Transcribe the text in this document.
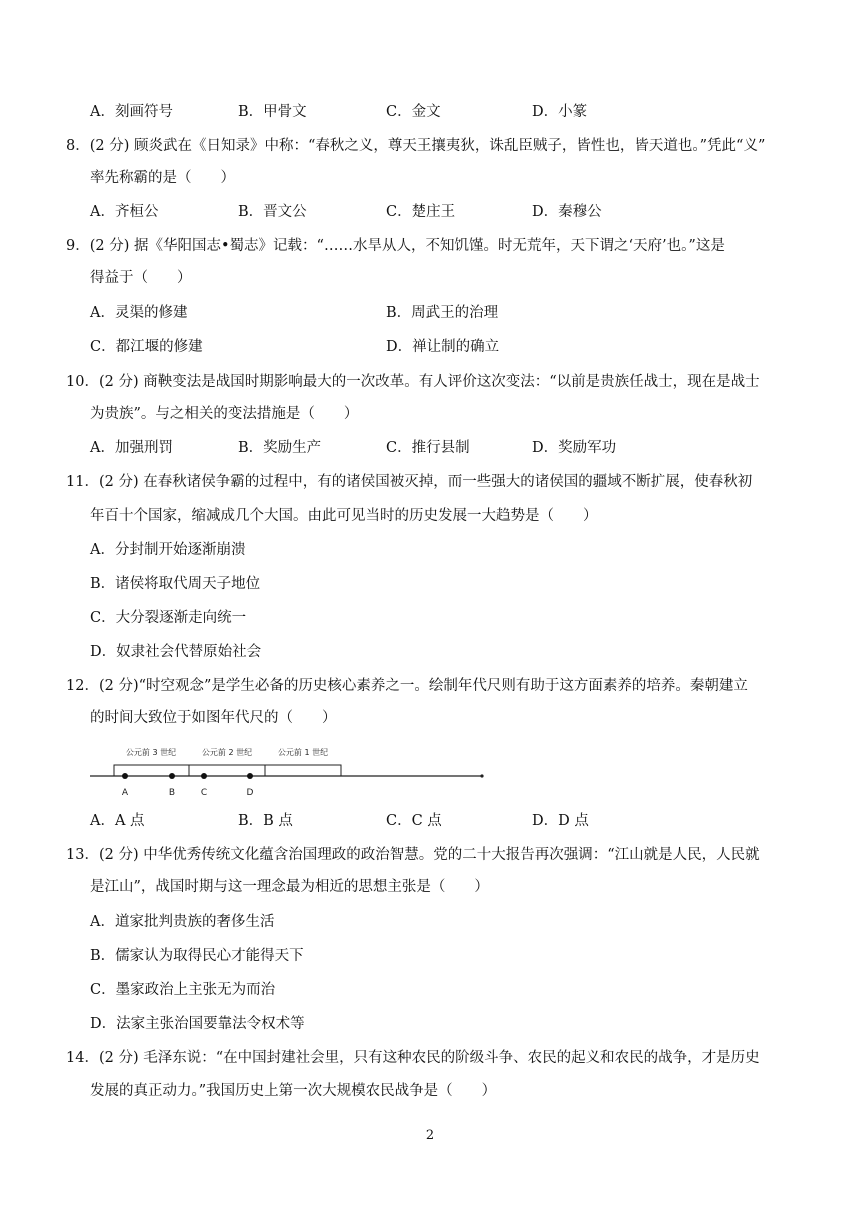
A．刻画符号	B．甲骨文	C．金文	D．小篆
8．(2 分) 顾炎武在《日知录》中称：“春秋之义，尊天王攘夷狄，诛乱臣贼子，皆性也，皆天道也。”凭此“义”
率先称霸的是（　　）
A．齐桓公	B．晋文公	C．楚庄王	D．秦穆公
9．(2 分) 据《华阳国志•蜀志》记载：“……水旱从人，不知饥馑。时无荒年，天下谓之‘天府’也。”这是
得益于（　　）
A．灵渠的修建	B．周武王的治理
C．都江堰的修建	D．禅让制的确立
10．(2 分) 商鞅变法是战国时期影响最大的一次改革。有人评价这次变法：“以前是贵族任战士，现在是战士
为贵族”。与之相关的变法措施是（　　）
A．加强刑罚	B．奖励生产	C．推行县制	D．奖励军功
11．(2 分) 在春秋诸侯争霸的过程中，有的诸侯国被灭掉，而一些强大的诸侯国的疆域不断扩展，使春秋初
年百十个国家，缩减成几个大国。由此可见当时的历史发展一大趋势是（　　）
A．分封制开始逐渐崩溃
B．诸侯将取代周天子地位
C．大分裂逐渐走向统一
D．奴隶社会代替原始社会
12．(2 分)“时空观念”是学生必备的历史核心素养之一。绘制年代尺则有助于这方面素养的培养。秦朝建立
的时间大致位于如图年代尺的（　　）
公元前 3 世纪	公元前 2 世纪	公元前 1 世纪
A	B	C	D
A．A 点	B．B 点	C．C 点	D．D 点
13．(2 分) 中华优秀传统文化蕴含治国理政的政治智慧。党的二十大报告再次强调：“江山就是人民，人民就
是江山”，战国时期与这一理念最为相近的思想主张是（　　）
A．道家批判贵族的奢侈生活
B．儒家认为取得民心才能得天下
C．墨家政治上主张无为而治
D．法家主张治国要靠法令权术等
14．(2 分) 毛泽东说：“在中国封建社会里，只有这种农民的阶级斗争、农民的起义和农民的战争，才是历史
发展的真正动力。”我国历史上第一次大规模农民战争是（　　）
2
